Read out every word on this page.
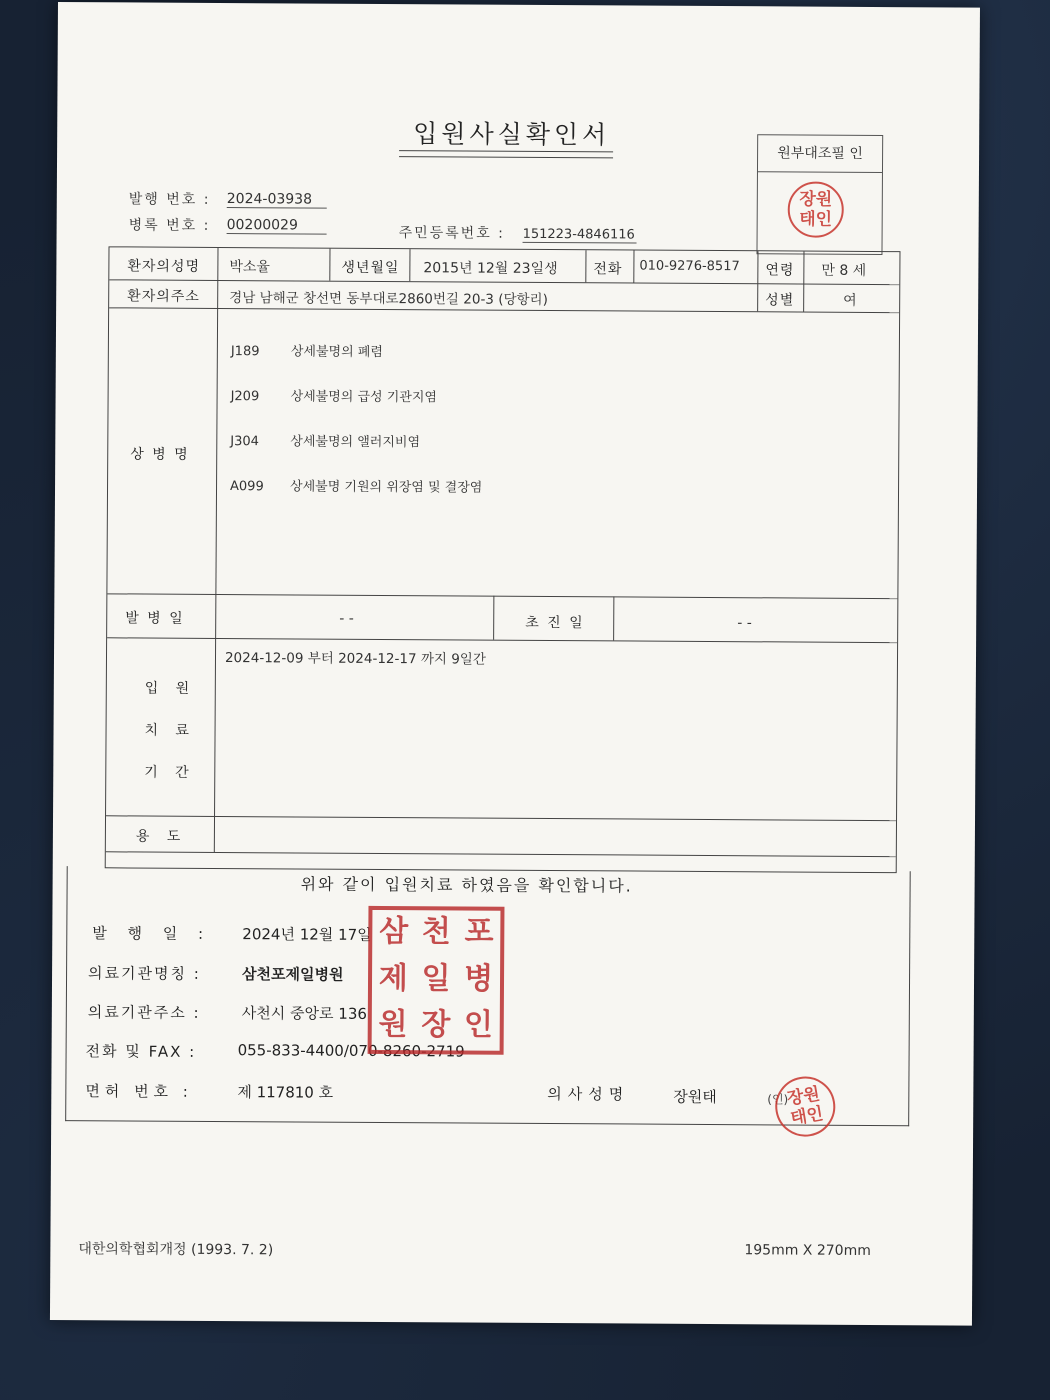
입원사실확인서
원부대조필 인
장원태인
발행 번호 : 2024-03938
병록 번호 : 00200029	주민등록번호 : 151223-4846116
환자의성명 박소율	생년월일 2015년 12월 23일생	전화 010-9276-8517 연령 만 8 세
환자의주소 경남 남해군 창선면 동부대로2860번길 20-3 (당항리)	성별	여
상 병 명

J189 상세불명의 폐렴

J209 상세불명의 급성 기관지염

J304 상세불명의 앨러지비염

A099 상세불명 기원의 위장염 및 결장염

발 병 일	- -	초 진 일	- -
입   원
치   료
기   간
2024-12-09 부터 2024-12-17 까지 9일간
용   도
위와 같이 입원치료 하였음을 확인합니다.
발 행 일 : 2024년 12월 17일
의료기관명칭 :	삼천포제일병원
의료기관주소 :	사천시 중앙로 136
전화 및 FAX :	055-833-4400/070-8260-2719
면허 번호 :	제 117810 호	의사성명	장원태	(인)
장원태인
삼 천 포
제 일 병
원 장 인
대한의학협회개정 (1993. 7. 2)	195mm X 270mm
